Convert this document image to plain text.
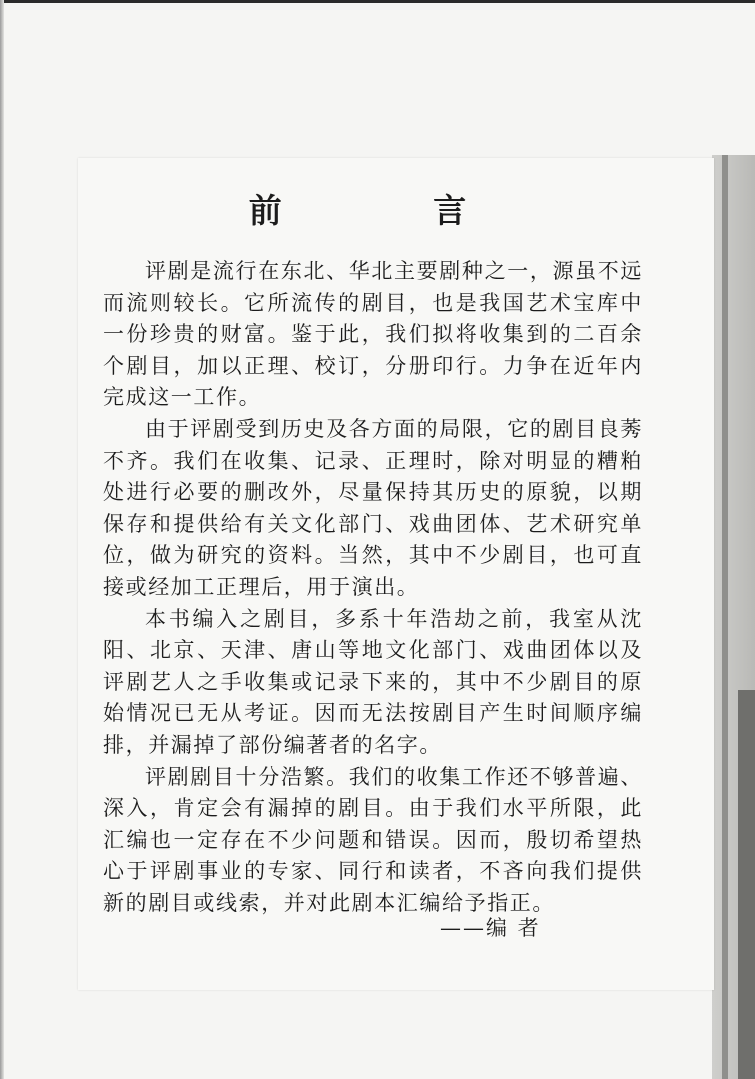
前 言

评剧是流行在东北、华北主要剧种之一，源虽不远而流则较长。它所流传的剧目，也是我国艺术宝库中一份珍贵的财富。鉴于此，我们拟将收集到的二百余个剧目，加以正理、校订，分册印行。力争在近年内完成这一工作。

由于评剧受到历史及各方面的局限，它的剧目良莠不齐。我们在收集、记录、正理时，除对明显的糟粕处进行必要的删改外，尽量保持其历史的原貌，以期保存和提供给有关文化部门、戏曲团体、艺术研究单位，做为研究的资料。当然，其中不少剧目，也可直接或经加工正理后，用于演出。

本书编入之剧目，多系十年浩劫之前，我室从沈阳、北京、天津、唐山等地文化部门、戏曲团体以及评剧艺人之手收集或记录下来的，其中不少剧目的原始情况已无从考证。因而无法按剧目产生时间顺序编排，并漏掉了部份编著者的名字。

评剧剧目十分浩繁。我们的收集工作还不够普遍、深入，肯定会有漏掉的剧目。由于我们水平所限，此汇编也一定存在不少问题和错误。因而，殷切希望热心于评剧事业的专家、同行和读者，不吝向我们提供新的剧目或线索，并对此剧本汇编给予指正。

——编 者
